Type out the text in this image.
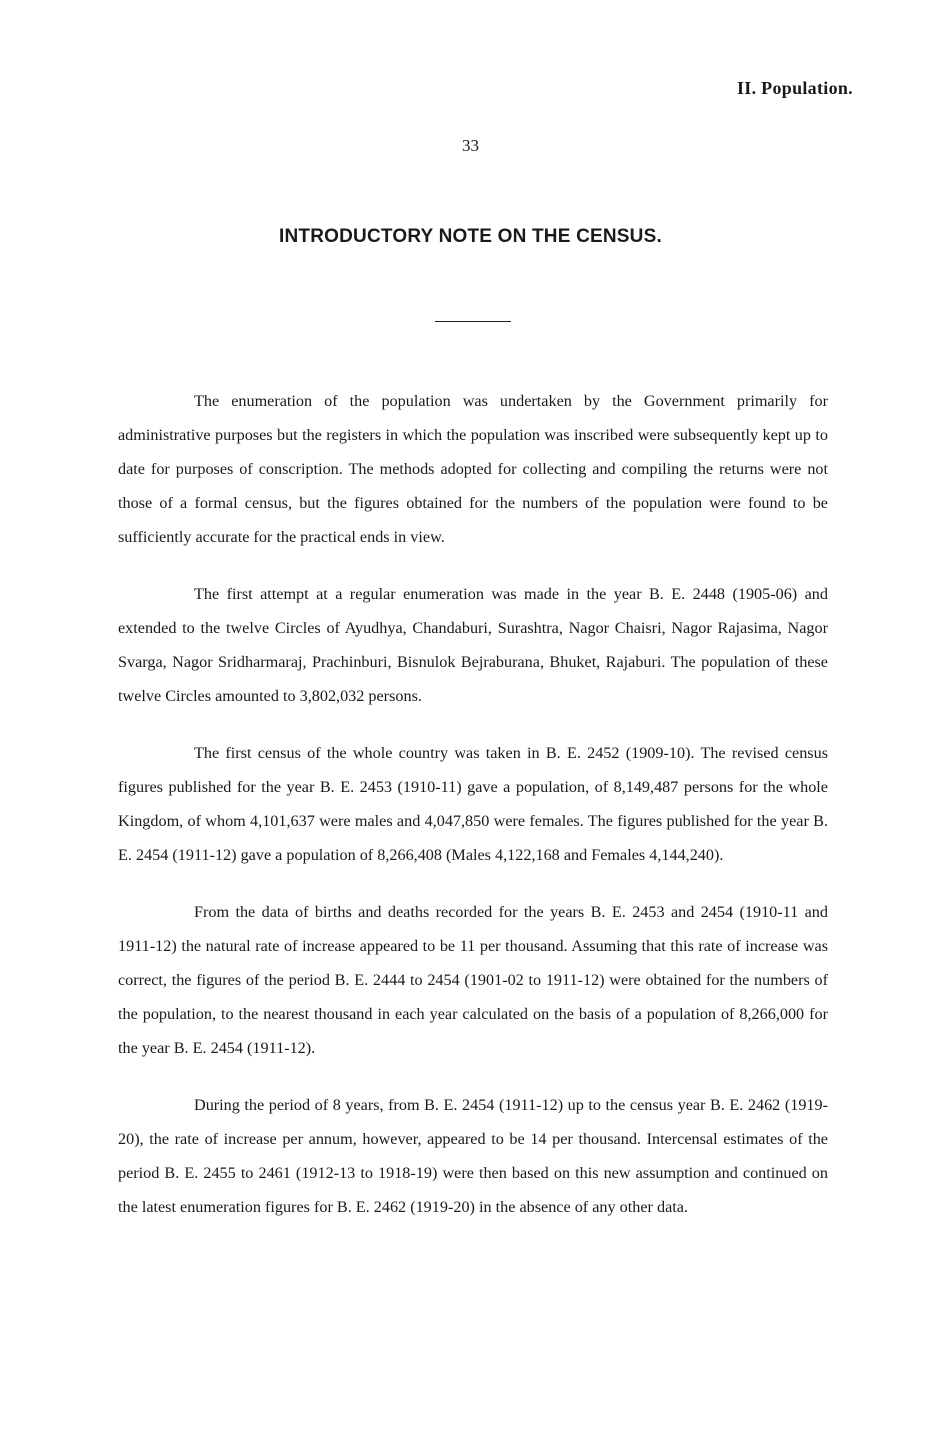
II. Population.
33
INTRODUCTORY NOTE ON THE CENSUS.

The enumeration of the population was undertaken by the Government primarily for administrative purposes but the registers in which the population was inscribed were subsequently kept up to date for purposes of conscription. The methods adopted for collecting and compiling the returns were not those of a formal census, but the figures obtained for the numbers of the population were found to be sufficiently accurate for the practical ends in view.

The first attempt at a regular enumeration was made in the year B. E. 2448 (1905-06) and extended to the twelve Circles of Ayudhya, Chandaburi, Surashtra, Nagor Chaisri, Nagor Rajasima, Nagor Svarga, Nagor Sridharmaraj, Prachinburi, Bisnulok Bejraburana, Bhuket, Rajaburi. The population of these twelve Circles amounted to 3,802,032 persons.

The first census of the whole country was taken in B. E. 2452 (1909-10). The revised census figures published for the year B. E. 2453 (1910-11) gave a population, of 8,149,487 persons for the whole Kingdom, of whom 4,101,637 were males and 4,047,850 were females. The figures published for the year B. E. 2454 (1911-12) gave a population of 8,266,408 (Males 4,122,168 and Females 4,144,240).

From the data of births and deaths recorded for the years B. E. 2453 and 2454 (1910-11 and 1911-12) the natural rate of increase appeared to be 11 per thousand. Assuming that this rate of increase was correct, the figures of the period B. E. 2444 to 2454 (1901-02 to 1911-12) were obtained for the numbers of the population, to the nearest thousand in each year calculated on the basis of a population of 8,266,000 for the year B. E. 2454 (1911-12).

During the period of 8 years, from B. E. 2454 (1911-12) up to the census year B. E. 2462 (1919-20), the rate of increase per annum, however, appeared to be 14 per thousand. Intercensal estimates of the period B. E. 2455 to 2461 (1912-13 to 1918-19) were then based on this new assumption and continued on the latest enumeration figures for B. E. 2462 (1919-20) in the absence of any other data.
